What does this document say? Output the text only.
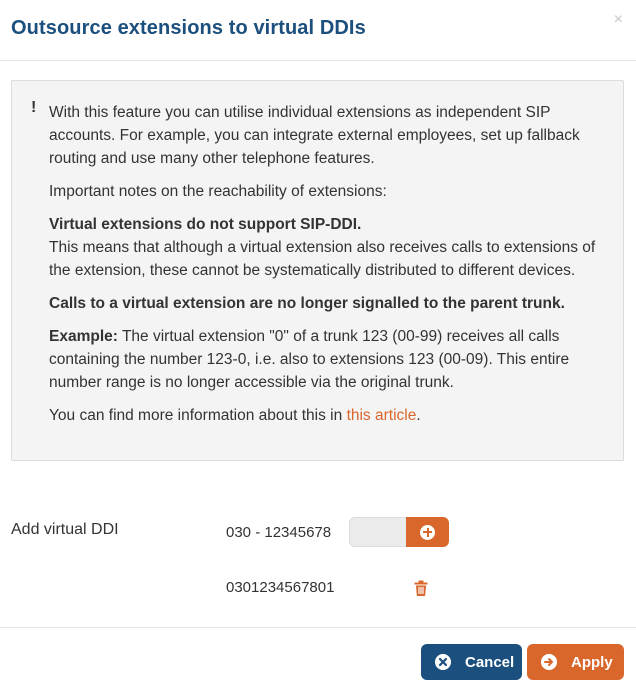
Outsource extensions to virtual DDIs	×
! With this feature you can utilise individual extensions as independent SIP accounts. For example, you can integrate external employees, set up fallback routing and use many other telephone features.

Important notes on the reachability of extensions:

Virtual extensions do not support SIP-DDI.
This means that although a virtual extension also receives calls to extensions of the extension, these cannot be systematically distributed to different devices.

Calls to a virtual extension are no longer signalled to the parent trunk.

Example: The virtual extension "0" of a trunk 123 (00-99) receives all calls containing the number 123-0, i.e. also to extensions 123 (00-09). This entire number range is no longer accessible via the original trunk.

You can find more information about this in this article.

Add virtual DDI	030 - 12345678
0301234567801
Cancel	Apply
